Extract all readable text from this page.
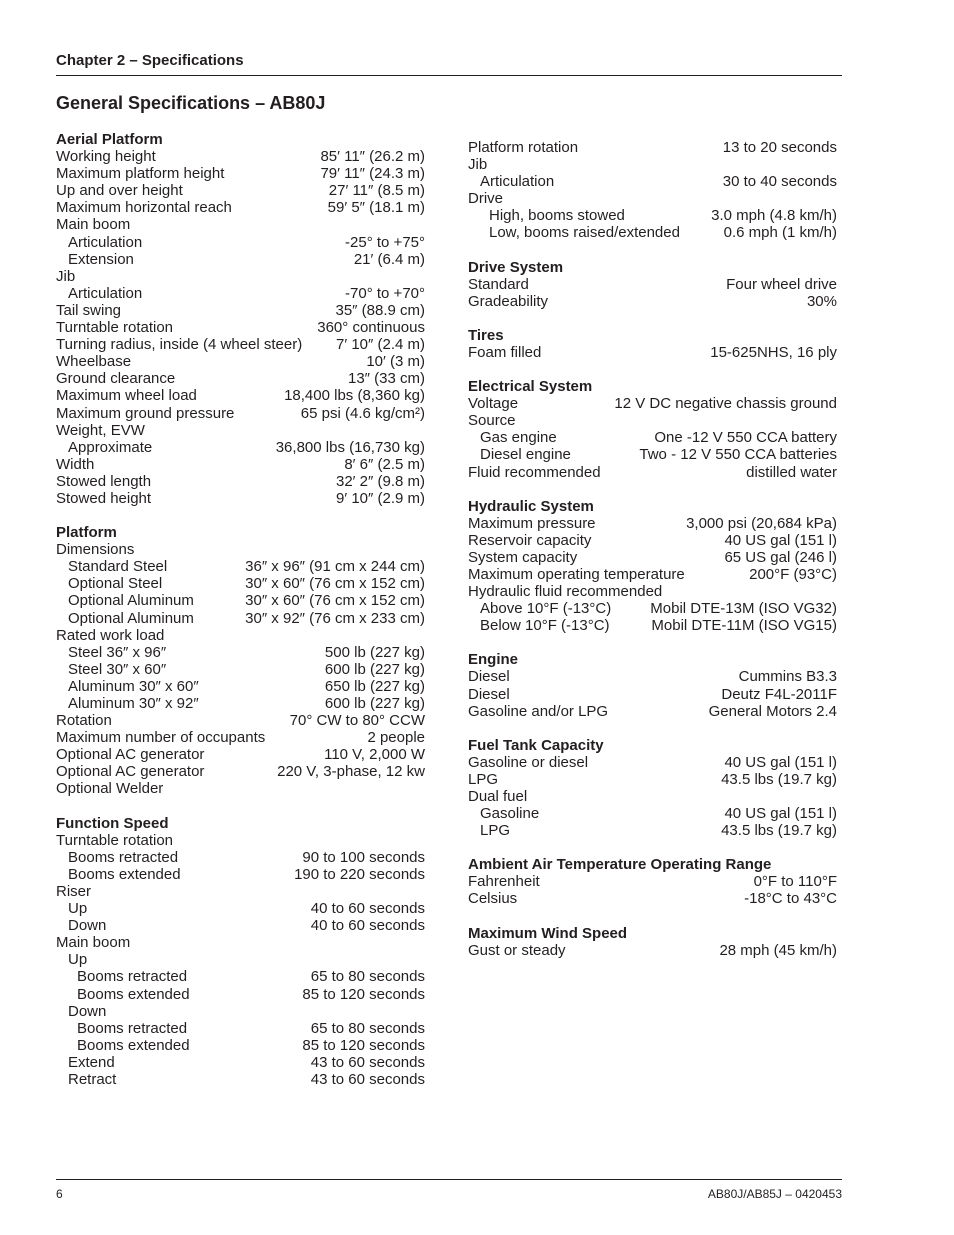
Chapter 2 – Specifications
General Specifications – AB80J
Aerial Platform
Working height	85′ 11″ (26.2 m)
Maximum platform height	79′ 11″ (24.3 m)
Up and over height	27′ 11″ (8.5 m)
Maximum horizontal reach	59′ 5″ (18.1 m)
Main boom
Articulation	-25° to +75°
Extension	21′ (6.4 m)
Jib
Articulation	-70° to +70°
Tail swing	35″ (88.9 cm)
Turntable rotation	360° continuous
Turning radius, inside (4 wheel steer) 7′ 10″ (2.4 m)
Wheelbase	10′ (3 m)
Ground clearance	13″ (33 cm)
Maximum wheel load	18,400 lbs (8,360 kg)
Maximum ground pressure	65 psi (4.6 kg/cm²)
Weight, EVW
Approximate	36,800 lbs (16,730 kg)
Width	8′ 6″ (2.5 m)
Stowed length	32′ 2″ (9.8 m)
Stowed height	9′ 10″ (2.9 m)
Platform
Dimensions
Standard Steel	36″ x 96″ (91 cm x 244 cm)
Optional Steel	30″ x 60″ (76 cm x 152 cm)
Optional Aluminum	30″ x 60″ (76 cm x 152 cm)
Optional Aluminum	30″ x 92″ (76 cm x 233 cm)
Rated work load
Steel 36″ x 96″	500 lb (227 kg)
Steel 30″ x 60″	600 lb (227 kg)
Aluminum 30″ x 60″	650 lb (227 kg)
Aluminum 30″ x 92″	600 lb (227 kg)
Rotation	70° CW to 80° CCW
Maximum number of occupants	2 people
Optional AC generator	110 V, 2,000 W
Optional AC generator	220 V, 3-phase, 12 kw
Optional Welder
Function Speed
Turntable rotation
Booms retracted	90 to 100 seconds
Booms extended	190 to 220 seconds
Riser
Up	40 to 60 seconds
Down	40 to 60 seconds
Main boom
Up
Booms retracted	65 to 80 seconds
Booms extended	85 to 120 seconds
Down
Booms retracted	65 to 80 seconds
Booms extended	85 to 120 seconds
Extend	43 to 60 seconds
Retract	43 to 60 seconds
Platform rotation	13 to 20 seconds
Jib
Articulation	30 to 40 seconds
Drive
High, booms stowed	3.0 mph (4.8 km/h)
Low, booms raised/extended	0.6 mph (1 km/h)
Drive System
Standard	Four wheel drive
Gradeability	30%
Tires
Foam filled	15-625NHS, 16 ply
Electrical System
Voltage	12 V DC negative chassis ground
Source
Gas engine	One -12 V 550 CCA battery
Diesel engine	Two - 12 V 550 CCA batteries
Fluid recommended	distilled water
Hydraulic System
Maximum pressure	3,000 psi (20,684 kPa)
Reservoir capacity	40 US gal (151 l)
System capacity	65 US gal (246 l)
Maximum operating temperature	200°F (93°C)
Hydraulic fluid recommended
Above 10°F (-13°C)	Mobil DTE-13M (ISO VG32)
Below 10°F (-13°C)	Mobil DTE-11M (ISO VG15)
Engine
Diesel	Cummins B3.3
Diesel	Deutz F4L-2011F
Gasoline and/or LPG	General Motors 2.4
Fuel Tank Capacity
Gasoline or diesel	40 US gal (151 l)
LPG	43.5 lbs (19.7 kg)
Dual fuel
Gasoline	40 US gal (151 l)
LPG	43.5 lbs (19.7 kg)
Ambient Air Temperature Operating Range
Fahrenheit	0°F to 110°F
Celsius	-18°C to 43°C
Maximum Wind Speed
Gust or steady	28 mph (45 km/h)
6	AB80J/AB85J – 0420453
